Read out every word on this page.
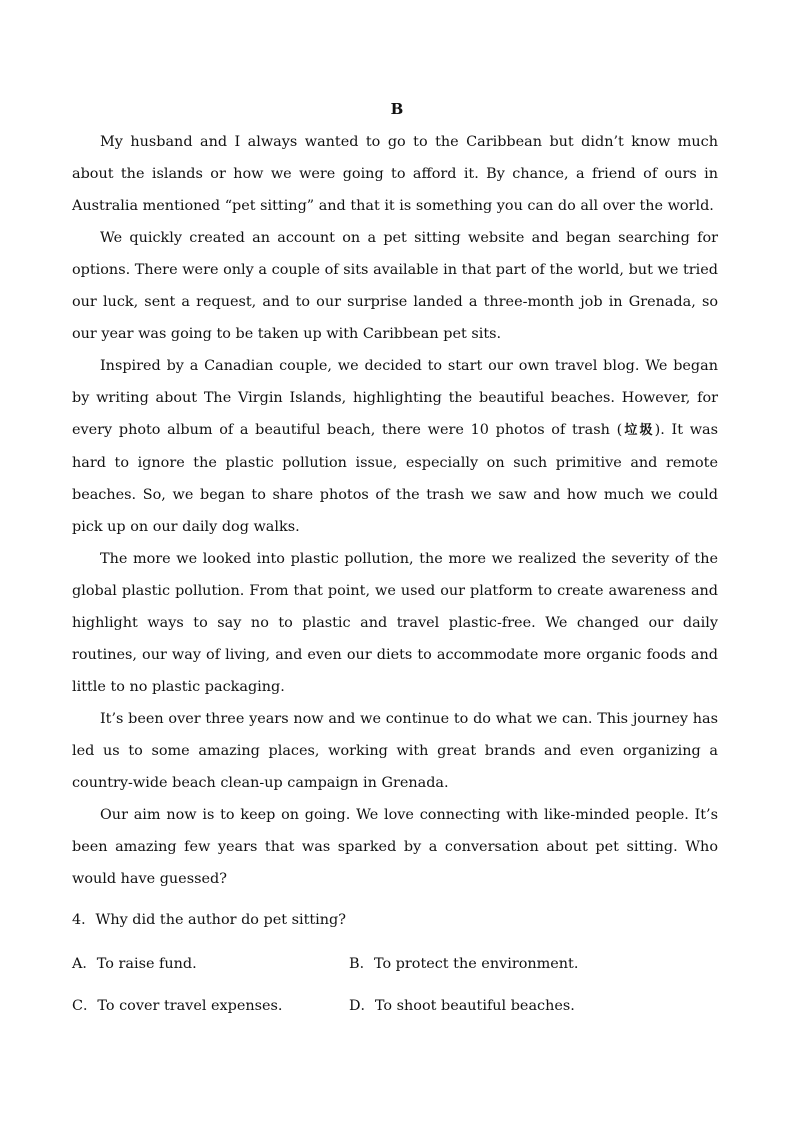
B

My husband and I always wanted to go to the Caribbean but didn’t know much about the islands or how we were going to afford it. By chance, a friend of ours in Australia mentioned “pet sitting” and that it is something you can do all over the world.

We quickly created an account on a pet sitting website and began searching for options. There were only a couple of sits available in that part of the world, but we tried our luck, sent a request, and to our surprise landed a three-month job in Grenada, so our year was going to be taken up with Caribbean pet sits.

Inspired by a Canadian couple, we decided to start our own travel blog. We began by writing about The Virgin Islands, highlighting the beautiful beaches. However, for every photo album of a beautiful beach, there were 10 photos of trash (垃圾). It was hard to ignore the plastic pollution issue, especially on such primitive and remote beaches. So, we began to share photos of the trash we saw and how much we could pick up on our daily dog walks.

The more we looked into plastic pollution, the more we realized the severity of the global plastic pollution. From that point, we used our platform to create awareness and highlight ways to say no to plastic and travel plastic-free. We changed our daily routines, our way of living, and even our diets to accommodate more organic foods and little to no plastic packaging.

It’s been over three years now and we continue to do what we can. This journey has led us to some amazing places, working with great brands and even organizing a country-wide beach clean-up campaign in Grenada.

Our aim now is to keep on going. We love connecting with like-minded people. It’s been amazing few years that was sparked by a conversation about pet sitting. Who would have guessed?

4．Why did the author do pet sitting?
A．To raise fund.	B．To protect the environment.
C．To cover travel expenses.	D．To shoot beautiful beaches.
